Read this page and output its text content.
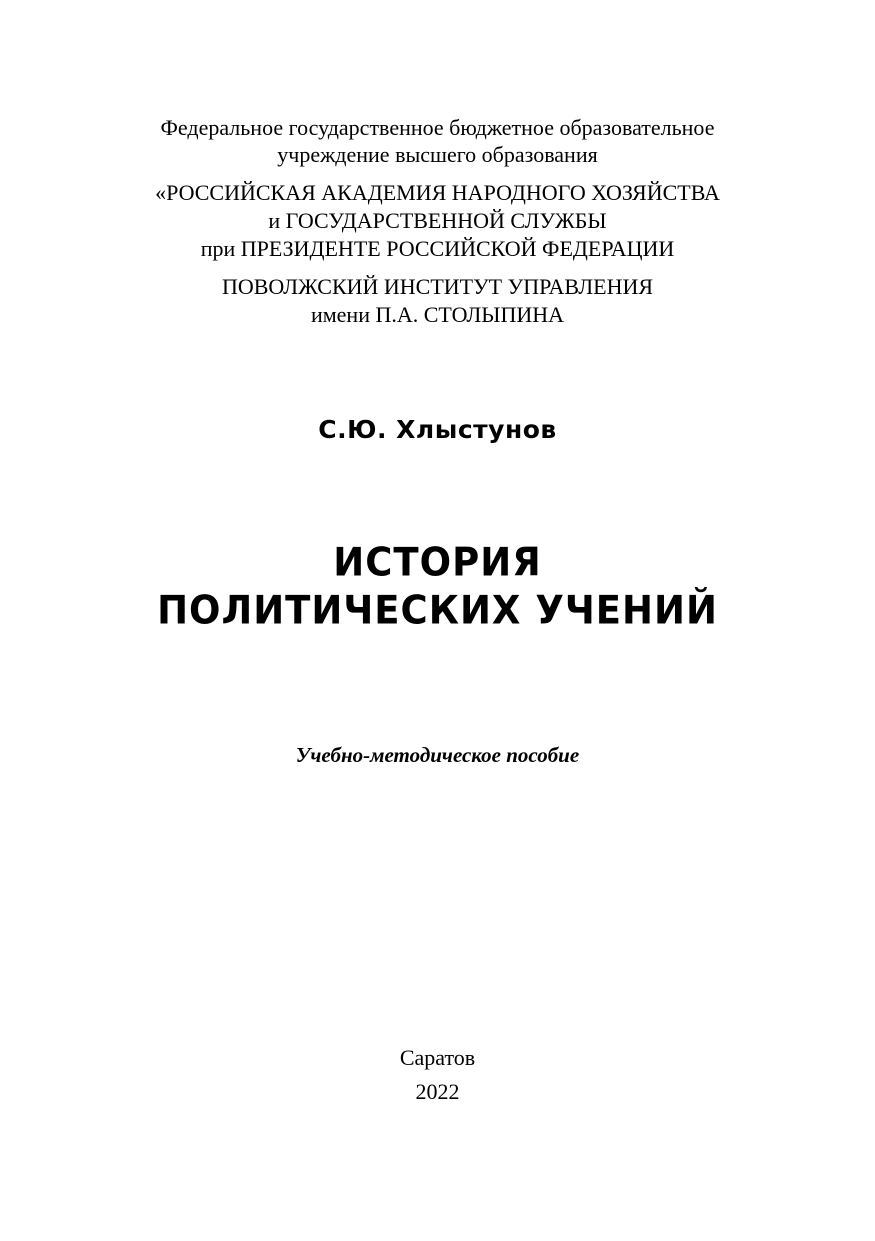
Федеральное государственное бюджетное образовательное
учреждение высшего образования
«РОССИЙСКАЯ АКАДЕМИЯ НАРОДНОГО ХОЗЯЙСТВА
и ГОСУДАРСТВЕННОЙ СЛУЖБЫ
при ПРЕЗИДЕНТЕ РОССИЙСКОЙ ФЕДЕРАЦИИ
ПОВОЛЖСКИЙ ИНСТИТУТ УПРАВЛЕНИЯ
имени П.А. СТОЛЫПИНА
С.Ю. Хлыстунов
ИСТОРИЯ
ПОЛИТИЧЕСКИХ УЧЕНИЙ
Учебно-методическое пособие
Саратов
2022
